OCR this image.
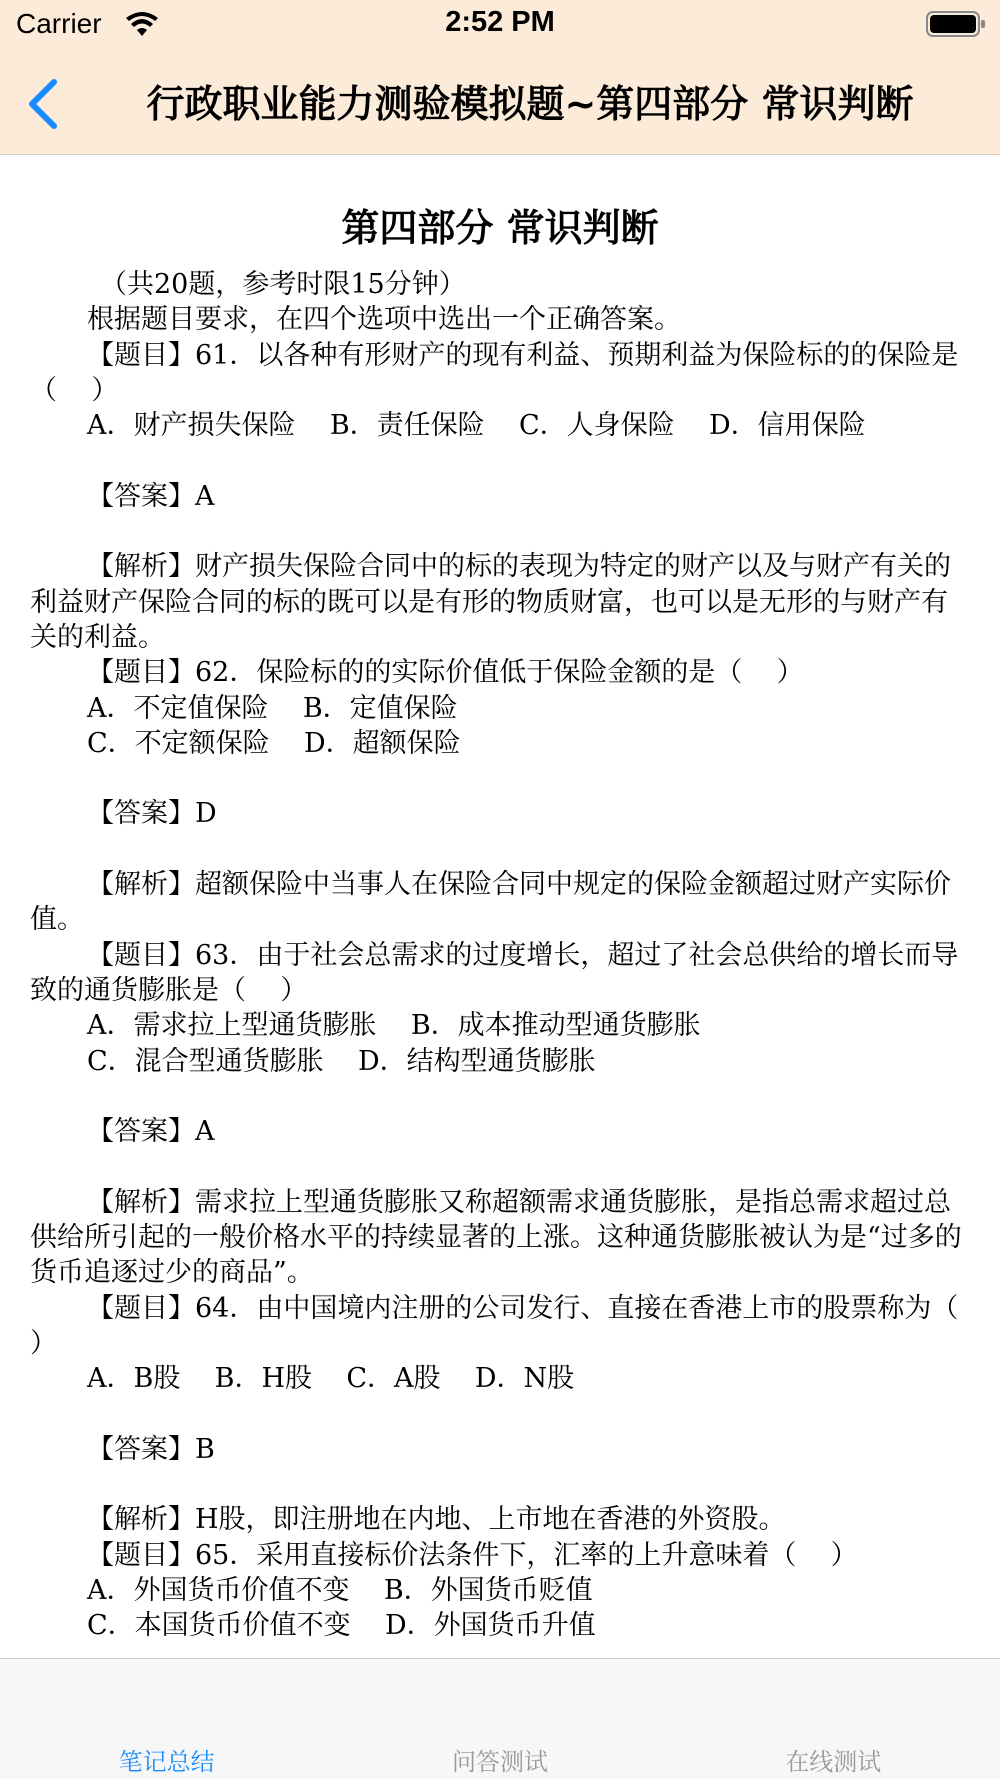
Carrier	2:52 PM
行政职业能力测验模拟题~第四部分 常识判断
第四部分 常识判断
（共20题，参考时限15分钟）
根据题目要求，在四个选项中选出一个正确答案。
【题目】61．以各种有形财产的现有利益、预期利益为保险标的的保险是（    ）
A．财产损失保险    B．责任保险    C．人身保险    D．信用保险
【答案】A
【解析】财产损失保险合同中的标的表现为特定的财产以及与财产有关的利益财产保险合同的标的既可以是有形的物质财富，也可以是无形的与财产有关的利益。
【题目】62．保险标的的实际价值低于保险金额的是（    ）
A．不定值保险    B．定值保险
C．不定额保险    D．超额保险
【答案】D
【解析】超额保险中当事人在保险合同中规定的保险金额超过财产实际价值。
【题目】63．由于社会总需求的过度增长，超过了社会总供给的增长而导致的通货膨胀是（    ）
A．需求拉上型通货膨胀    B．成本推动型通货膨胀
C．混合型通货膨胀    D．结构型通货膨胀
【答案】A
【解析】需求拉上型通货膨胀又称超额需求通货膨胀，是指总需求超过总供给所引起的一般价格水平的持续显著的上涨。这种通货膨胀被认为是“过多的货币追逐过少的商品”。
【题目】64．由中国境内注册的公司发行、直接在香港上市的股票称为（    ）
A．B股    B．H股    C．A股    D．N股
【答案】B
【解析】H股，即注册地在内地、上市地在香港的外资股。
【题目】65．采用直接标价法条件下，汇率的上升意味着（    ）
A．外国货币价值不变    B．外国货币贬值
C．本国货币价值不变    D．外国货币升值
笔记总结	问答测试	在线测试
